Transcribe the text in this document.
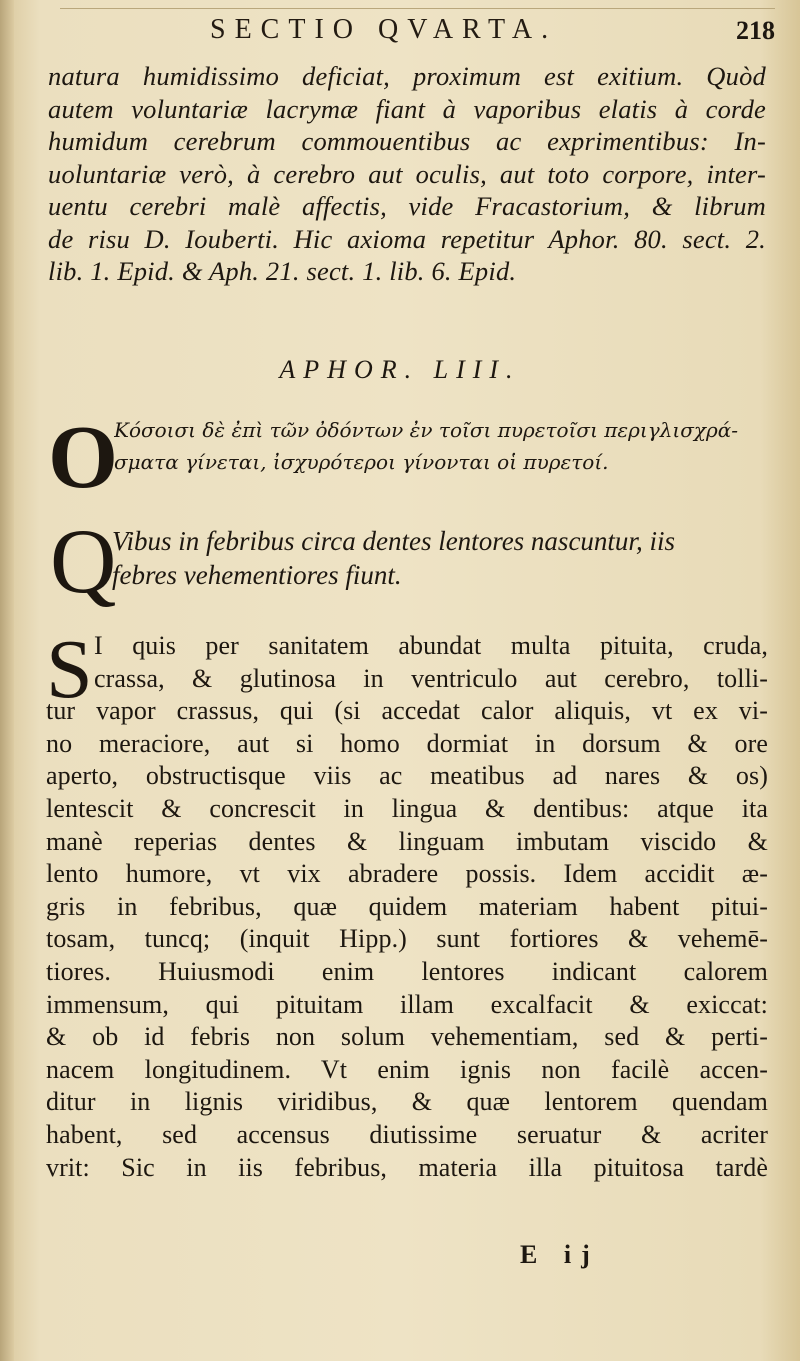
SECTIO QVARTA.	218
natura humidissimo deficiat, proximum est exitium. Quòd
autem voluntariæ lacrymæ fiant à vaporibus elatis à corde
humidum cerebrum commouentibus ac exprimentibus: In-
uoluntariæ verò, à cerebro aut oculis, aut toto corpore, inter-
uentu cerebri malè affectis, vide Fracastorium, & librum
de risu D. Iouberti. Hic axioma repetitur Aphor. 80. sect. 2.
lib. 1. Epid. & Aph. 21. sect. 1. lib. 6. Epid.
APHOR. LIII.
O
Κόσοισι δὲ ἐπὶ τῶν ὀδόντων ἐν τοῖσι πυρετοῖσι περιγλισχρά-
σματα γίνεται, ἰσχυρότεροι γίνονται οἱ πυρετοί.
Q
Vibus in febribus circa dentes lentores nascuntur, iis
febres vehementiores fiunt.
S I quis per sanitatem abundat multa pituita, cruda,
crassa, & glutinosa in ventriculo aut cerebro, tolli-
tur vapor crassus, qui (si accedat calor aliquis, vt ex vi-
no meraciore, aut si homo dormiat in dorsum & ore
aperto, obstructisque viis ac meatibus ad nares & os)
lentescit & concrescit in lingua & dentibus: atque ita
manè reperias dentes & linguam imbutam viscido &
lento humore, vt vix abradere possis. Idem accidit æ-
gris in febribus, quæ quidem materiam habent pitui-
tosam, tuncq; (inquit Hipp.) sunt fortiores & vehemē-
tiores. Huiusmodi enim lentores indicant calorem
immensum, qui pituitam illam excalfacit & exiccat:
& ob id febris non solum vehementiam, sed & perti-
nacem longitudinem. Vt enim ignis non facilè accen-
ditur in lignis viridibus, & quæ lentorem quendam
habent, sed accensus diutissime seruatur & acriter
vrit: Sic in iis febribus, materia illa pituitosa tardè
E ij
